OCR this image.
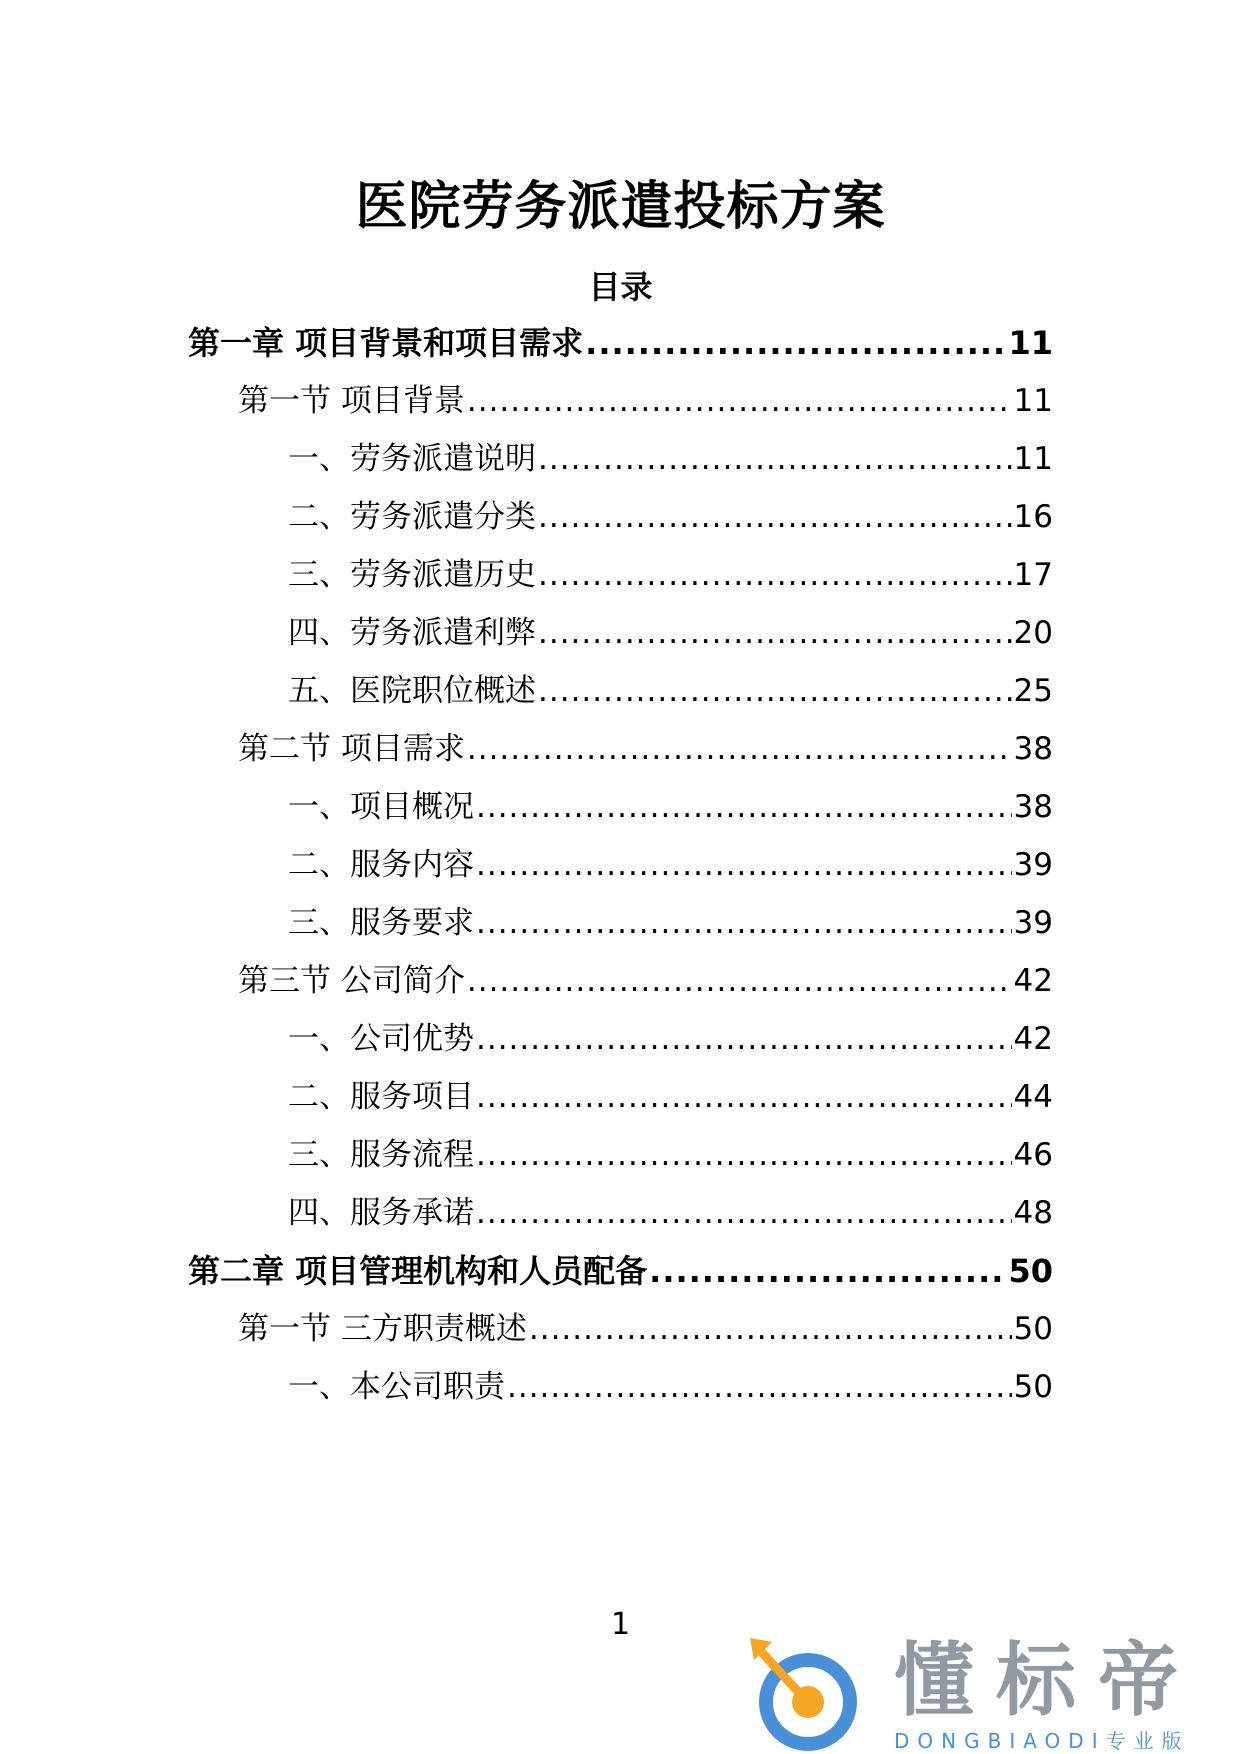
医院劳务派遣投标方案
目录
第一章 项目背景和项目需求 .....	11
第一节 项目背景 .....	11
一、劳务派遣说明 .....	11
二、劳务派遣分类 .....	16
三、劳务派遣历史 .....	17
四、劳务派遣利弊 .....	20
五、医院职位概述 .....	25
第二节 项目需求 .....	38
一、项目概况 .....	38
二、服务内容 .....	39
三、服务要求 .....	39
第三节 公司简介 .....	42
一、公司优势 .....	42
二、服务项目 .....	44
三、服务流程 .....	46
四、服务承诺 .....	48
第二章 项目管理机构和人员配备 .....	50
第一节 三方职责概述 .....	50
一、本公司职责 .....	50
1
懂标帝
DONGBIAODI专业版
